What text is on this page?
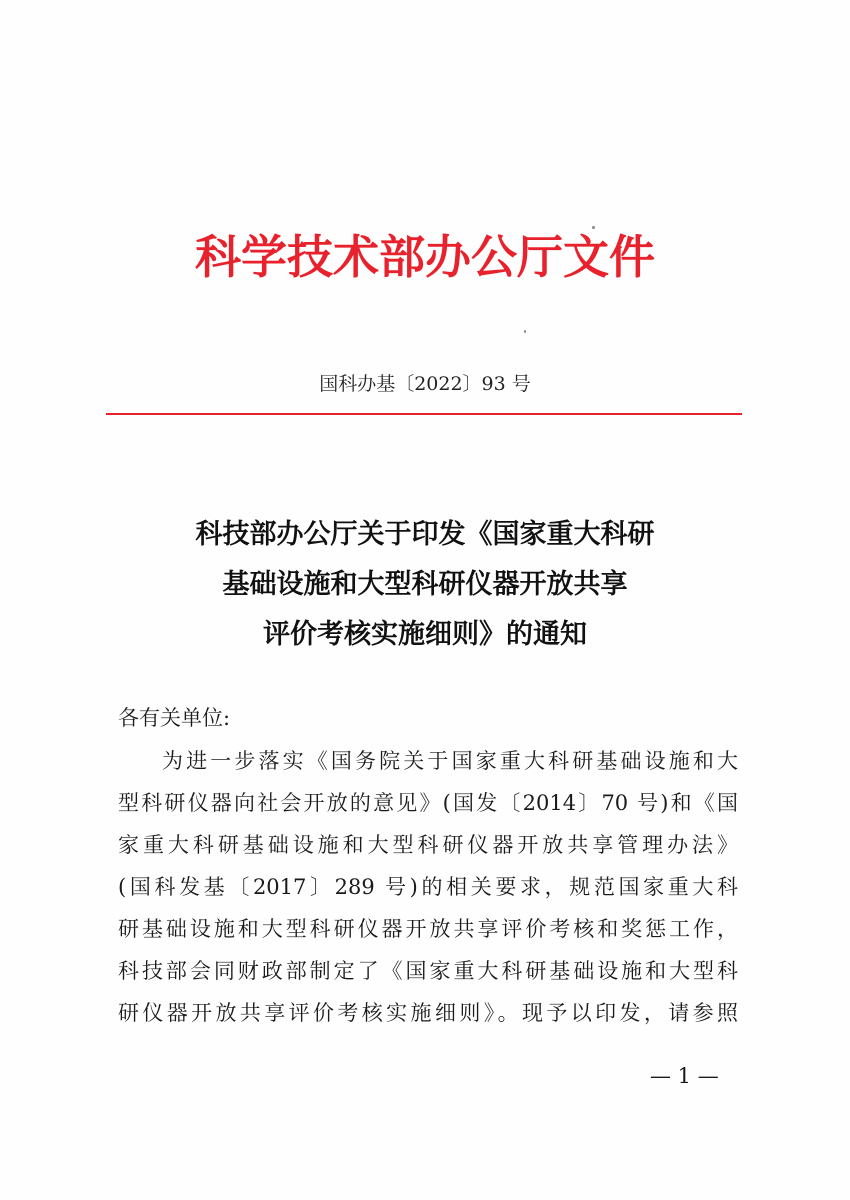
科学技术部办公厅文件
国科办基〔2022〕93 号
科技部办公厅关于印发《国家重大科研
基础设施和大型科研仪器开放共享
评价考核实施细则》的通知
各有关单位:
为进一步落实《国务院关于国家重大科研基础设施和大
型科研仪器向社会开放的意见》(国发〔2014〕70 号)和《国
家重大科研基础设施和大型科研仪器开放共享管理办法》
(国科发基〔2017〕289 号)的相关要求，规范国家重大科
研基础设施和大型科研仪器开放共享评价考核和奖惩工作，
科技部会同财政部制定了《国家重大科研基础设施和大型科
研仪器开放共享评价考核实施细则》。现予以印发，请参照
— 1 —
